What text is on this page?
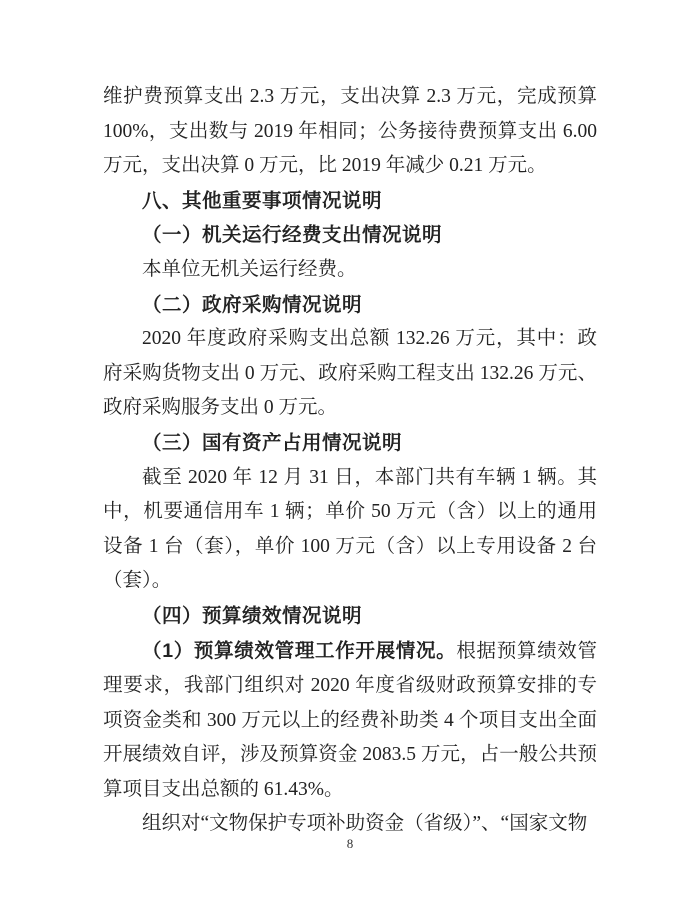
维护费预算支出 2.3 万元，支出决算 2.3 万元，完成预算 100%，支出数与 2019 年相同；公务接待费预算支出 6.00 万元，支出决算 0 万元，比 2019 年减少 0.21 万元。

八、其他重要事项情况说明

（一）机关运行经费支出情况说明

本单位无机关运行经费。

（二）政府采购情况说明

2020 年度政府采购支出总额 132.26 万元，其中：政府采购货物支出 0 万元、政府采购工程支出 132.26 万元、政府采购服务支出 0 万元。

（三）国有资产占用情况说明

截至 2020 年 12 月 31 日，本部门共有车辆 1 辆。其中，机要通信用车 1 辆；单价 50 万元（含）以上的通用设备 1 台（套），单价 100 万元（含）以上专用设备 2 台（套）。

（四）预算绩效情况说明

（1）预算绩效管理工作开展情况。根据预算绩效管理要求，我部门组织对 2020 年度省级财政预算安排的专项资金类和 300 万元以上的经费补助类 4 个项目支出全面开展绩效自评，涉及预算资金 2083.5 万元，占一般公共预算项目支出总额的 61.43%。

组织对“文物保护专项补助资金（省级）”、“国家文物

8
